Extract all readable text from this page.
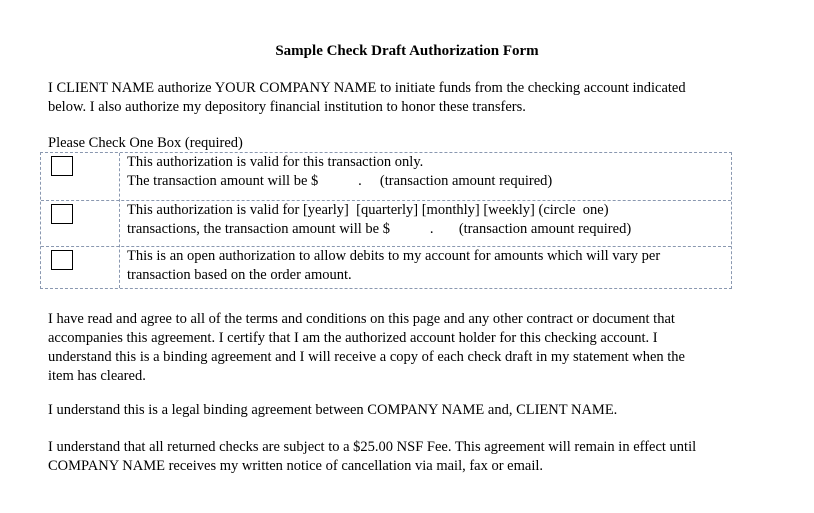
Sample Check Draft Authorization Form
I CLIENT NAME authorize YOUR COMPANY NAME to initiate funds from the checking account indicated
below. I also authorize my depository financial institution to honor these transfers.
Please Check One Box (required)
This authorization is valid for this transaction only.
The transaction amount will be $           .     (transaction amount required)
This authorization is valid for [yearly]  [quarterly] [monthly] [weekly] (circle  one)
transactions, the transaction amount will be $           .       (transaction amount required)
This is an open authorization to allow debits to my account for amounts which will vary per
transaction based on the order amount.
I have read and agree to all of the terms and conditions on this page and any other contract or document that
accompanies this agreement. I certify that I am the authorized account holder for this checking account. I
understand this is a binding agreement and I will receive a copy of each check draft in my statement when the
item has cleared.
I understand this is a legal binding agreement between COMPANY NAME and, CLIENT NAME.
I understand that all returned checks are subject to a $25.00 NSF Fee. This agreement will remain in effect until
COMPANY NAME receives my written notice of cancellation via mail, fax or email.
